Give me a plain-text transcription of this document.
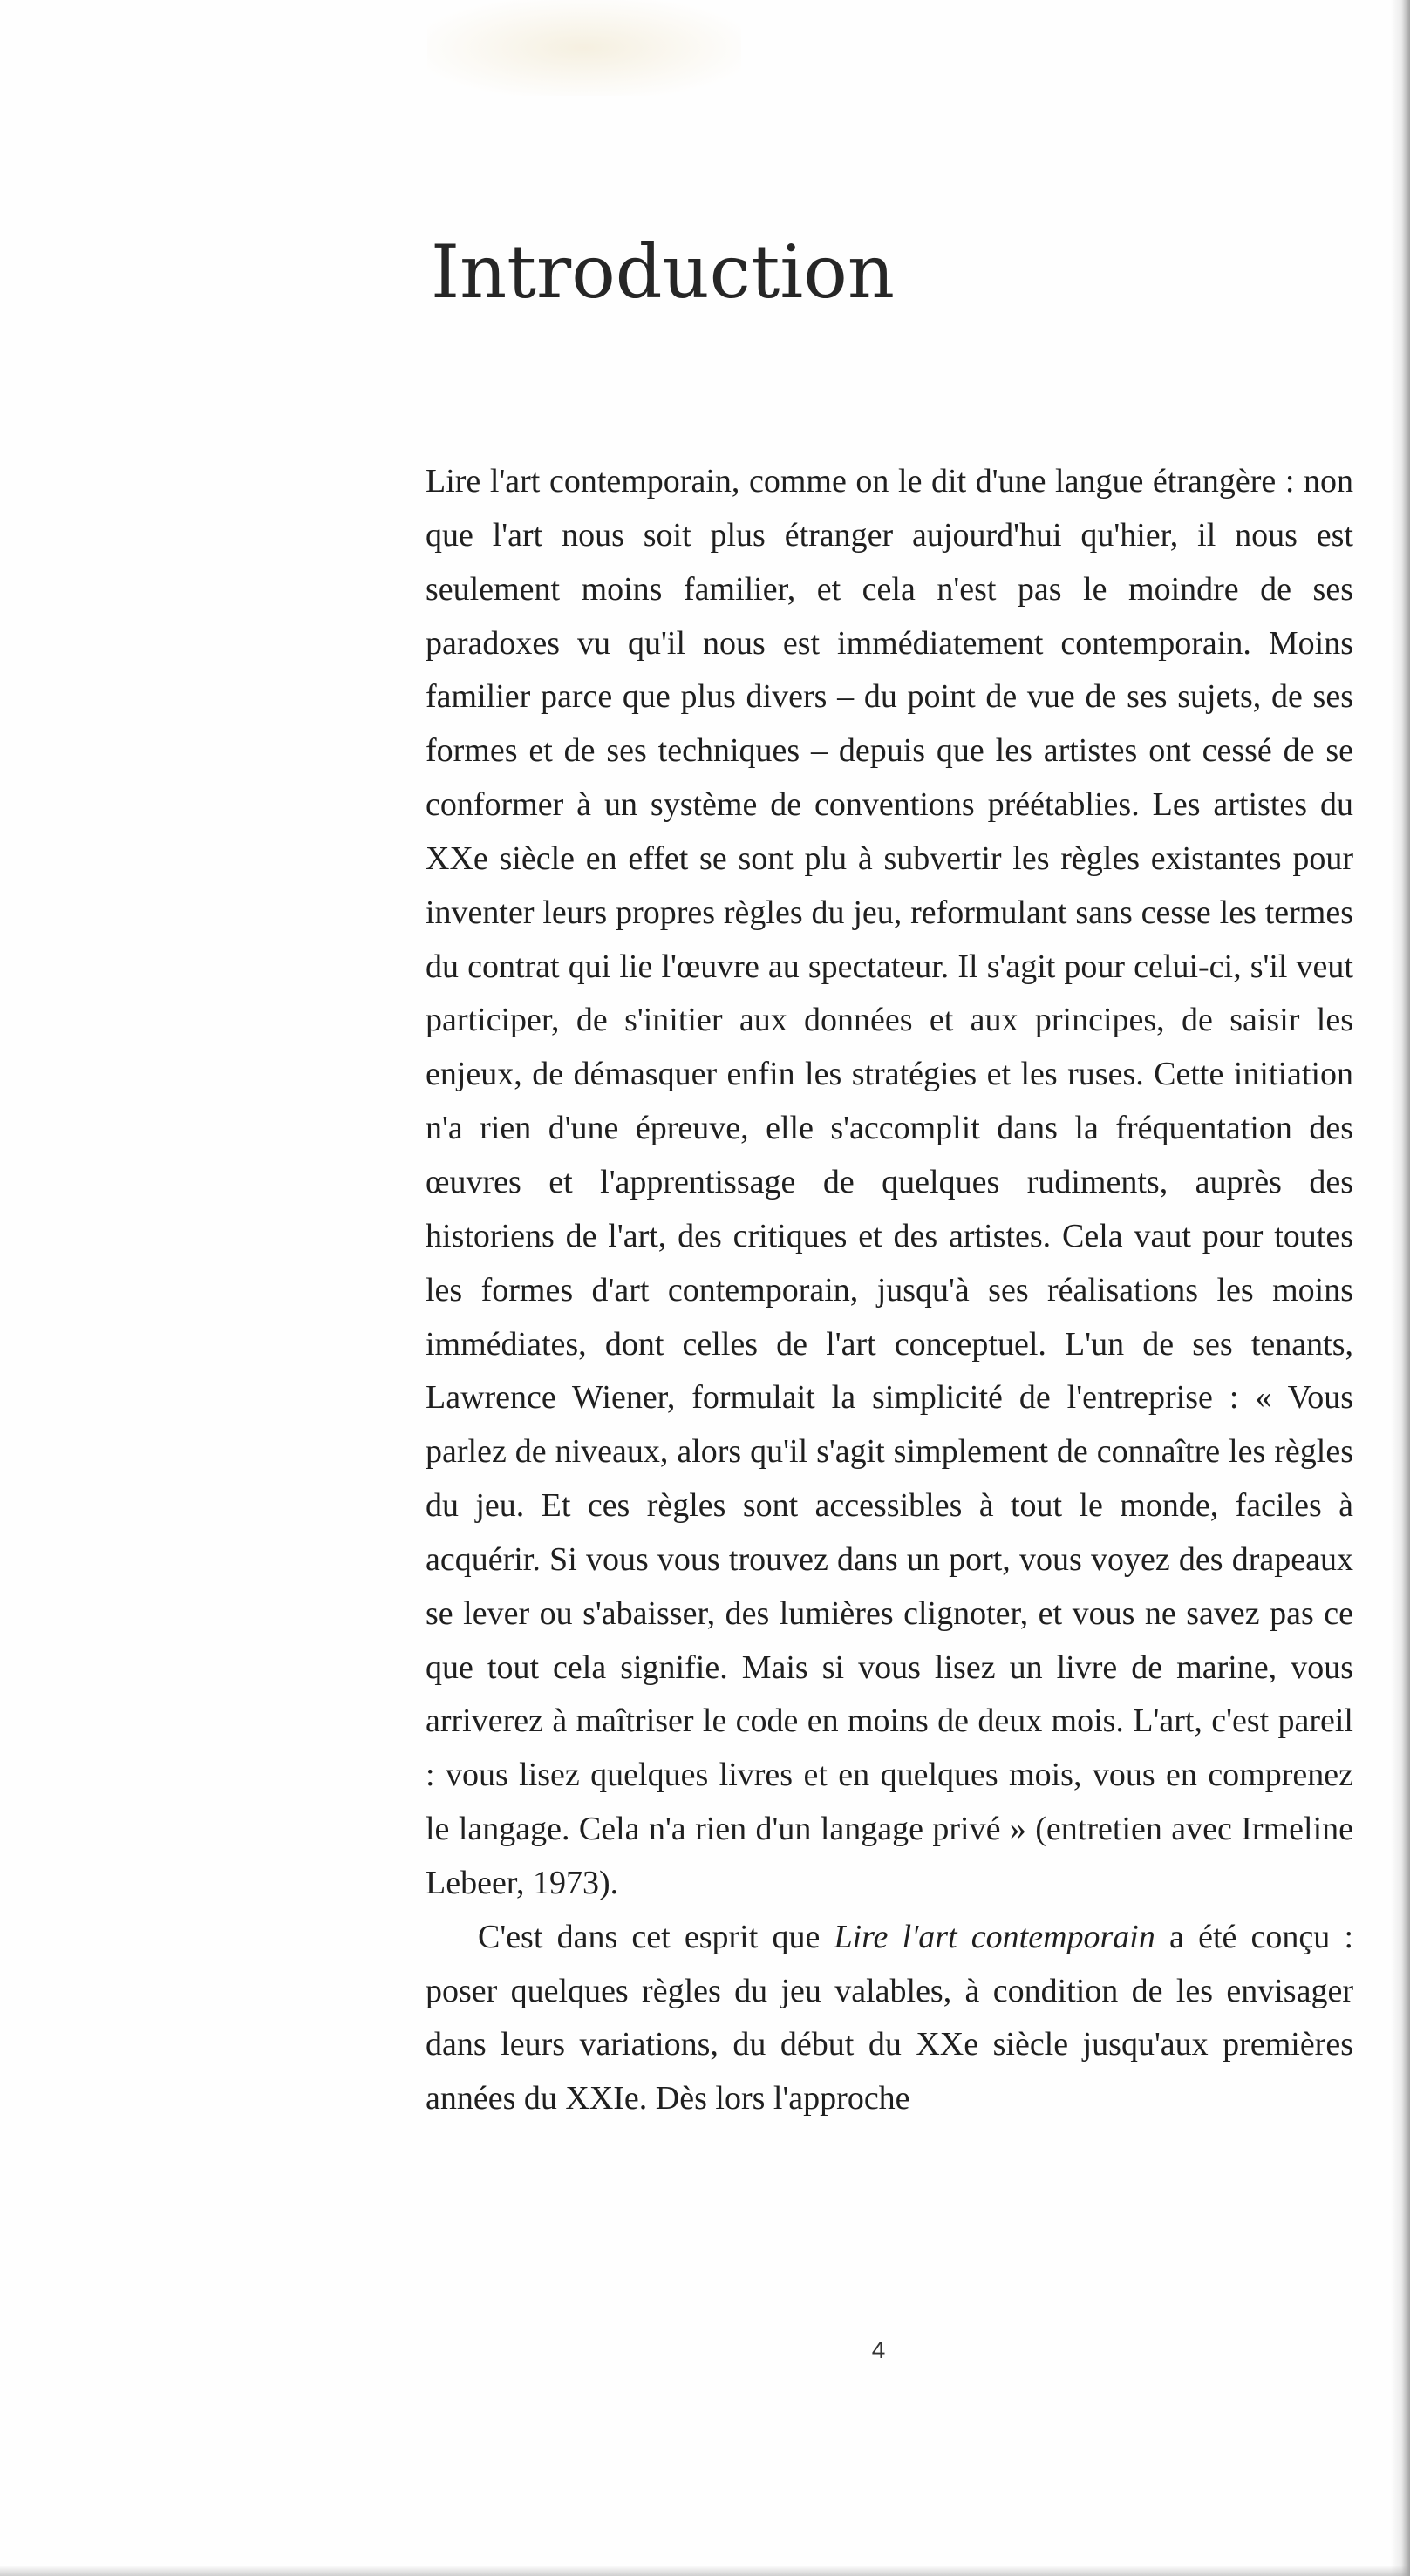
Introduction

Lire l'art contemporain, comme on le dit d'une langue étrangère : non que l'art nous soit plus étranger aujourd'hui qu'hier, il nous est seulement moins familier, et cela n'est pas le moindre de ses paradoxes vu qu'il nous est immédiatement contemporain. Moins familier parce que plus divers – du point de vue de ses sujets, de ses formes et de ses techniques – depuis que les artistes ont cessé de se conformer à un système de conventions préétablies. Les artistes du XXe siècle en effet se sont plu à subvertir les règles existantes pour inventer leurs propres règles du jeu, reformulant sans cesse les termes du contrat qui lie l'œuvre au spectateur. Il s'agit pour celui-ci, s'il veut participer, de s'initier aux données et aux principes, de saisir les enjeux, de démasquer enfin les stratégies et les ruses. Cette initiation n'a rien d'une épreuve, elle s'accomplit dans la fréquentation des œuvres et l'apprentissage de quelques rudiments, auprès des historiens de l'art, des critiques et des artistes. Cela vaut pour toutes les formes d'art contemporain, jusqu'à ses réalisations les moins immédiates, dont celles de l'art conceptuel. L'un de ses tenants, Lawrence Wiener, formulait la simplicité de l'entreprise : « Vous parlez de niveaux, alors qu'il s'agit simplement de connaître les règles du jeu. Et ces règles sont accessibles à tout le monde, faciles à acquérir. Si vous vous trouvez dans un port, vous voyez des drapeaux se lever ou s'abaisser, des lumières clignoter, et vous ne savez pas ce que tout cela signifie. Mais si vous lisez un livre de marine, vous arriverez à maîtriser le code en moins de deux mois. L'art, c'est pareil : vous lisez quelques livres et en quelques mois, vous en comprenez le langage. Cela n'a rien d'un langage privé » (entretien avec Irmeline Lebeer, 1973).

C'est dans cet esprit que Lire l'art contemporain a été conçu : poser quelques règles du jeu valables, à condition de les envisager dans leurs variations, du début du XXe siècle jusqu'aux premières années du XXIe. Dès lors l'approche

4
